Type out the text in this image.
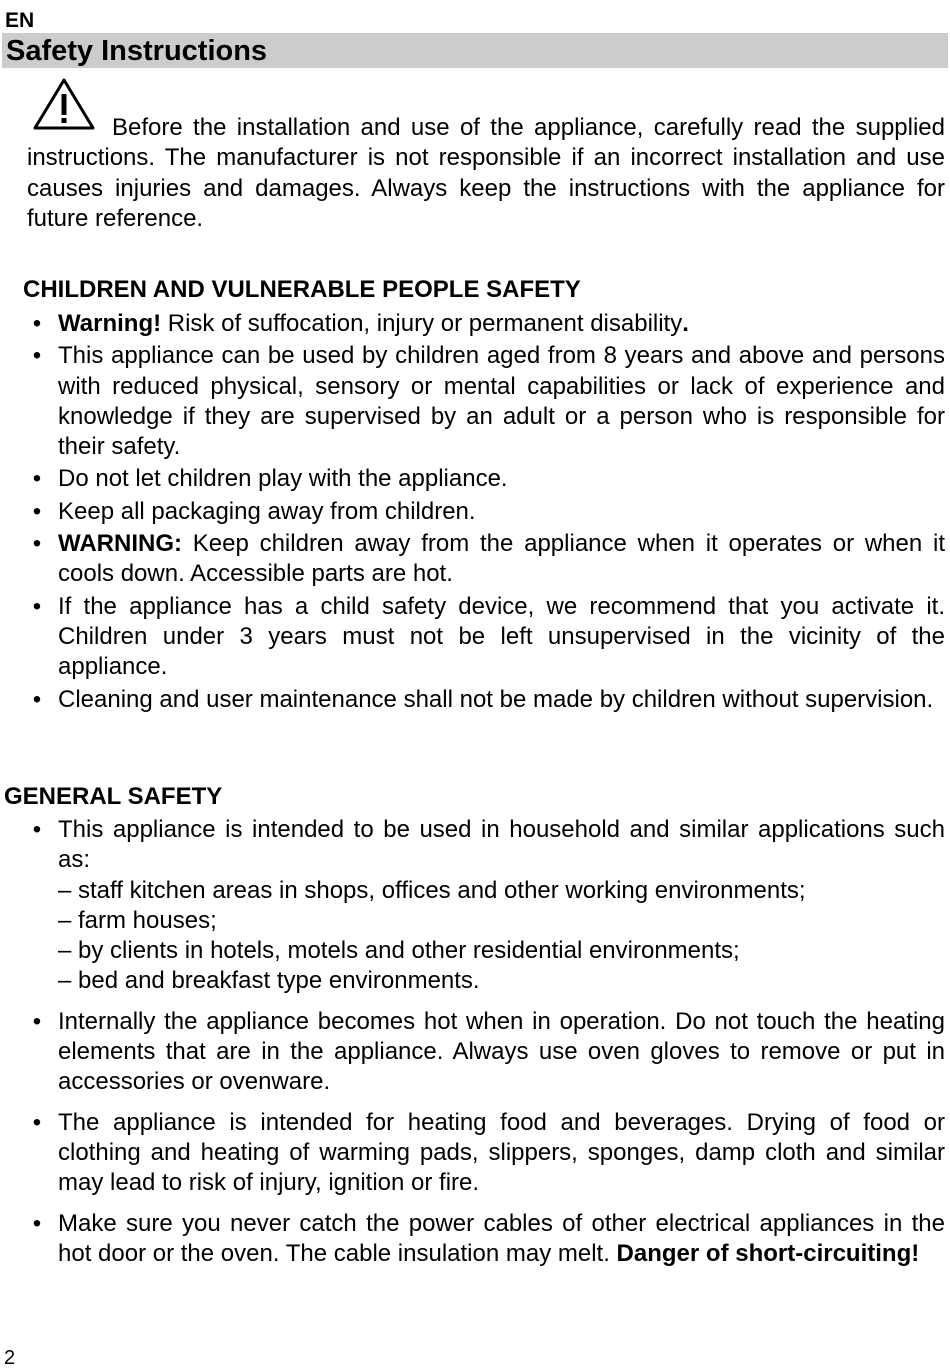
EN
Safety Instructions
Before the installation and use of the appliance, carefully read the supplied instructions. The manufacturer is not responsible if an incorrect installation and use causes injuries and damages. Always keep the instructions with the appliance for future reference.
CHILDREN AND VULNERABLE PEOPLE SAFETY
• Warning! Risk of suffocation, injury or permanent disability.
• This appliance can be used by children aged from 8 years and above and persons with reduced physical, sensory or mental capabilities or lack of experience and knowledge if they are supervised by an adult or a person who is responsible for their safety.
• Do not let children play with the appliance.
• Keep all packaging away from children.
• WARNING: Keep children away from the appliance when it operates or when it cools down. Accessible parts are hot.
• If the appliance has a child safety device, we recommend that you activate it. Children under 3 years must not be left unsupervised in the vicinity of the appliance.
• Cleaning and user maintenance shall not be made by children without supervision.
GENERAL SAFETY
• This appliance is intended to be used in household and similar applications such as:
– staff kitchen areas in shops, offices and other working environments;
– farm houses;
– by clients in hotels, motels and other residential environments;
– bed and breakfast type environments.
• Internally the appliance becomes hot when in operation. Do not touch the heating elements that are in the appliance. Always use oven gloves to remove or put in accessories or ovenware.
• The appliance is intended for heating food and beverages. Drying of food or clothing and heating of warming pads, slippers, sponges, damp cloth and similar may lead to risk of injury, ignition or fire.
• Make sure you never catch the power cables of other electrical appliances in the hot door or the oven. The cable insulation may melt. Danger of short-circuiting!
2
